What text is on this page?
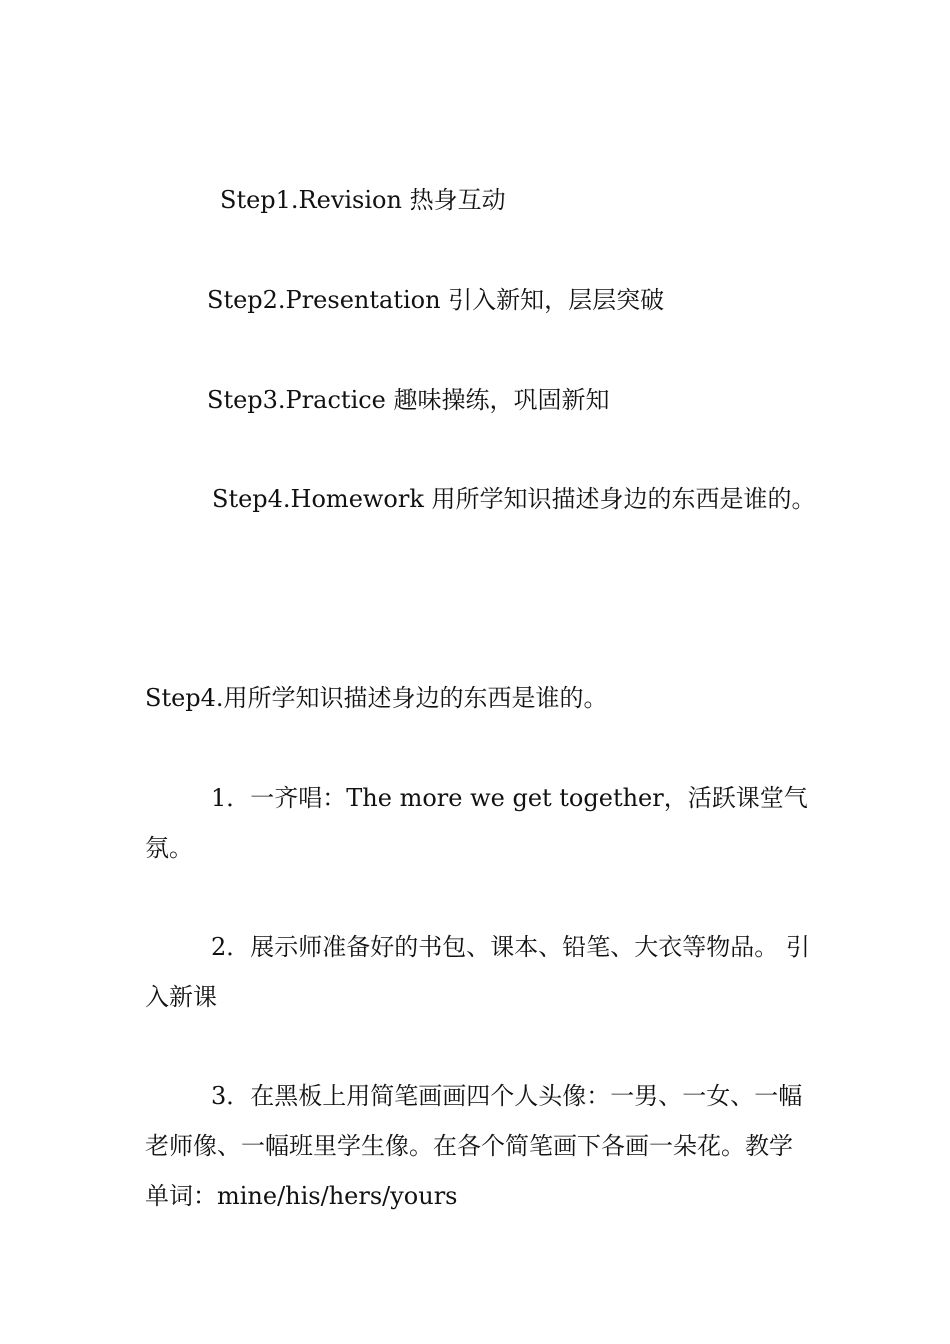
Step1.Revision 热身互动
Step2.Presentation 引入新知，层层突破
Step3.Practice 趣味操练，巩固新知
Step4.Homework 用所学知识描述身边的东西是谁的。
Step4.用所学知识描述身边的东西是谁的。
1．一齐唱：The more we get together，活跃课堂气氛。
2．展示师准备好的书包、课本、铅笔、大衣等物品。 引入新课
3．在黑板上用简笔画画四个人头像：一男、一女、一幅老师像、一幅班里学生像。在各个简笔画下各画一朵花。教学单词：mine/his/hers/yours
